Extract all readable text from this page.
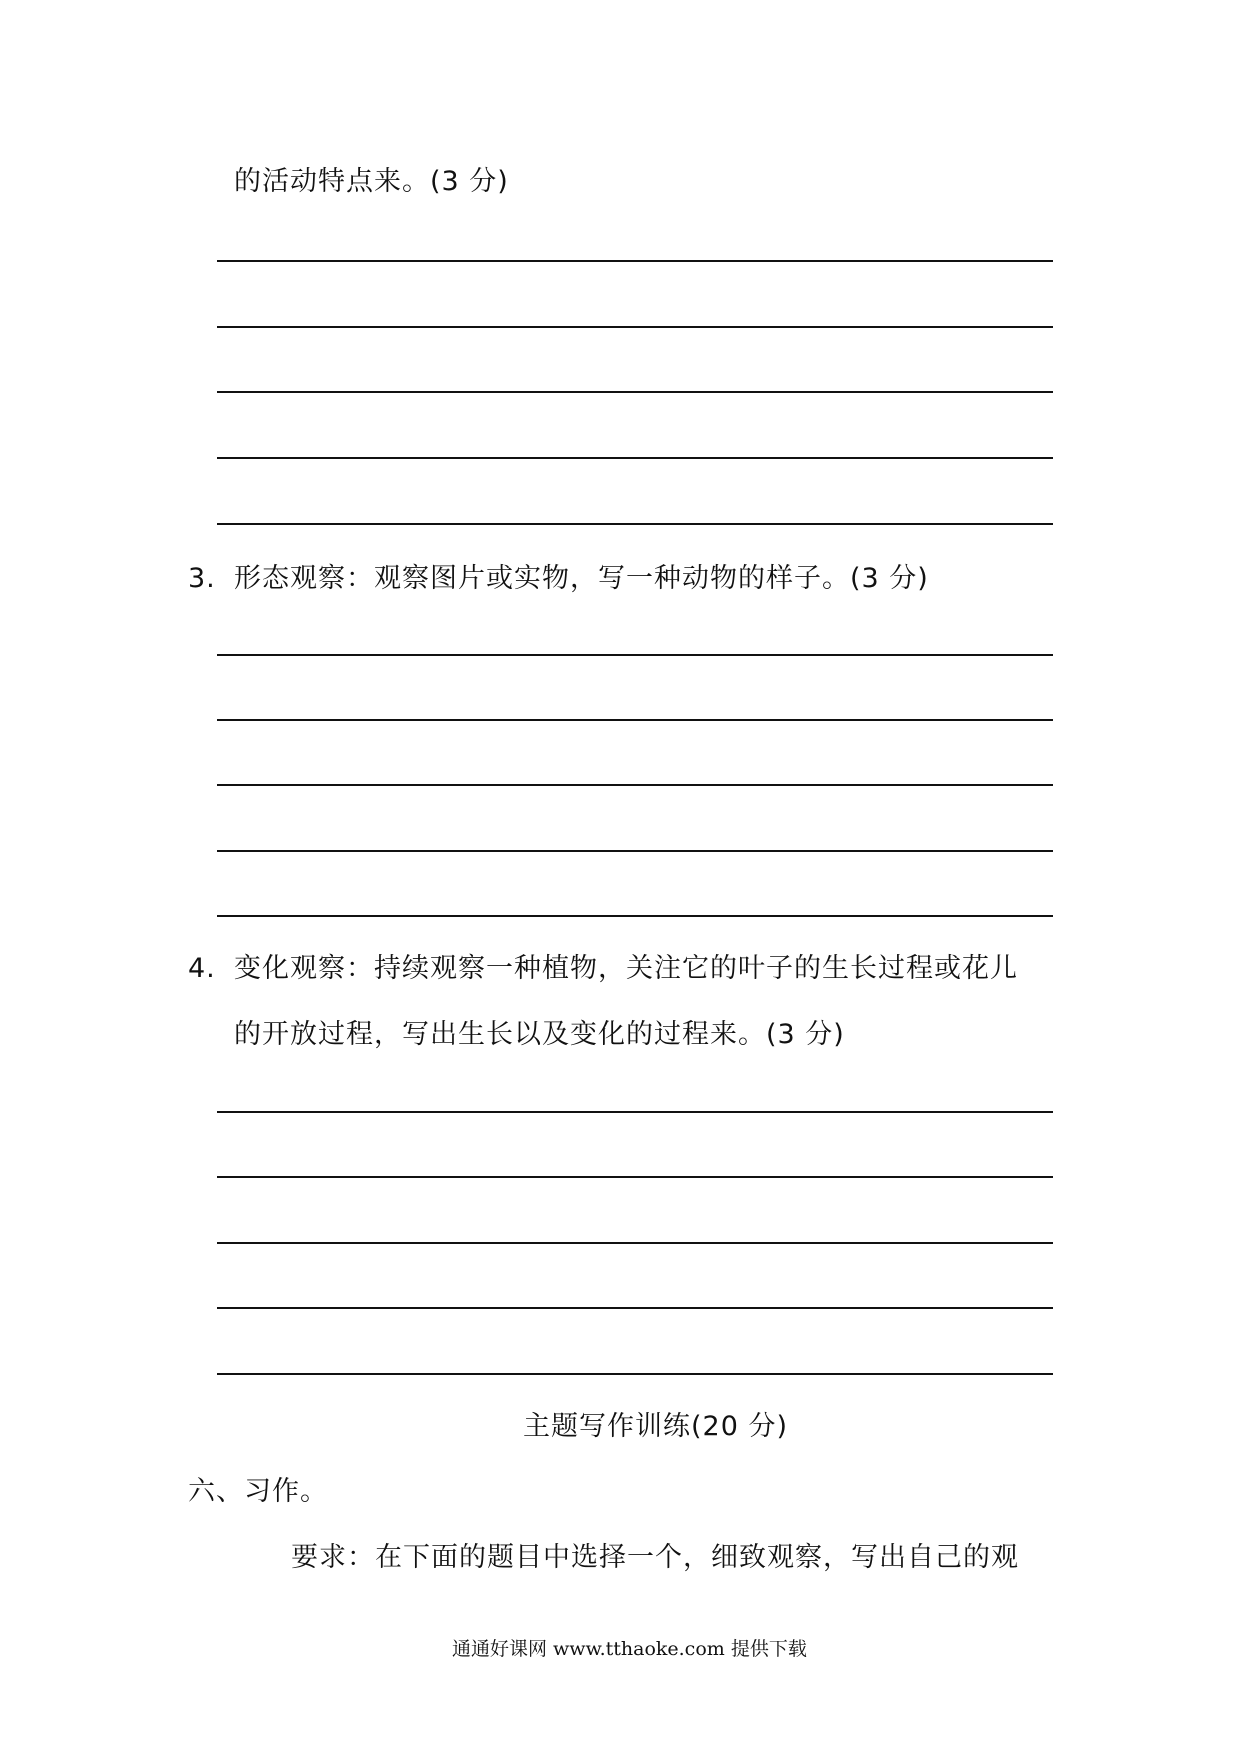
的活动特点来。(3 分)
3. 形态观察：观察图片或实物，写一种动物的样子。(3 分)
4. 变化观察：持续观察一种植物，关注它的叶子的生长过程或花儿
的开放过程，写出生长以及变化的过程来。(3 分)
主题写作训练(20 分)
六、习作。
要求：在下面的题目中选择一个，细致观察，写出自己的观
通通好课网 www.tthaoke.com 提供下载
